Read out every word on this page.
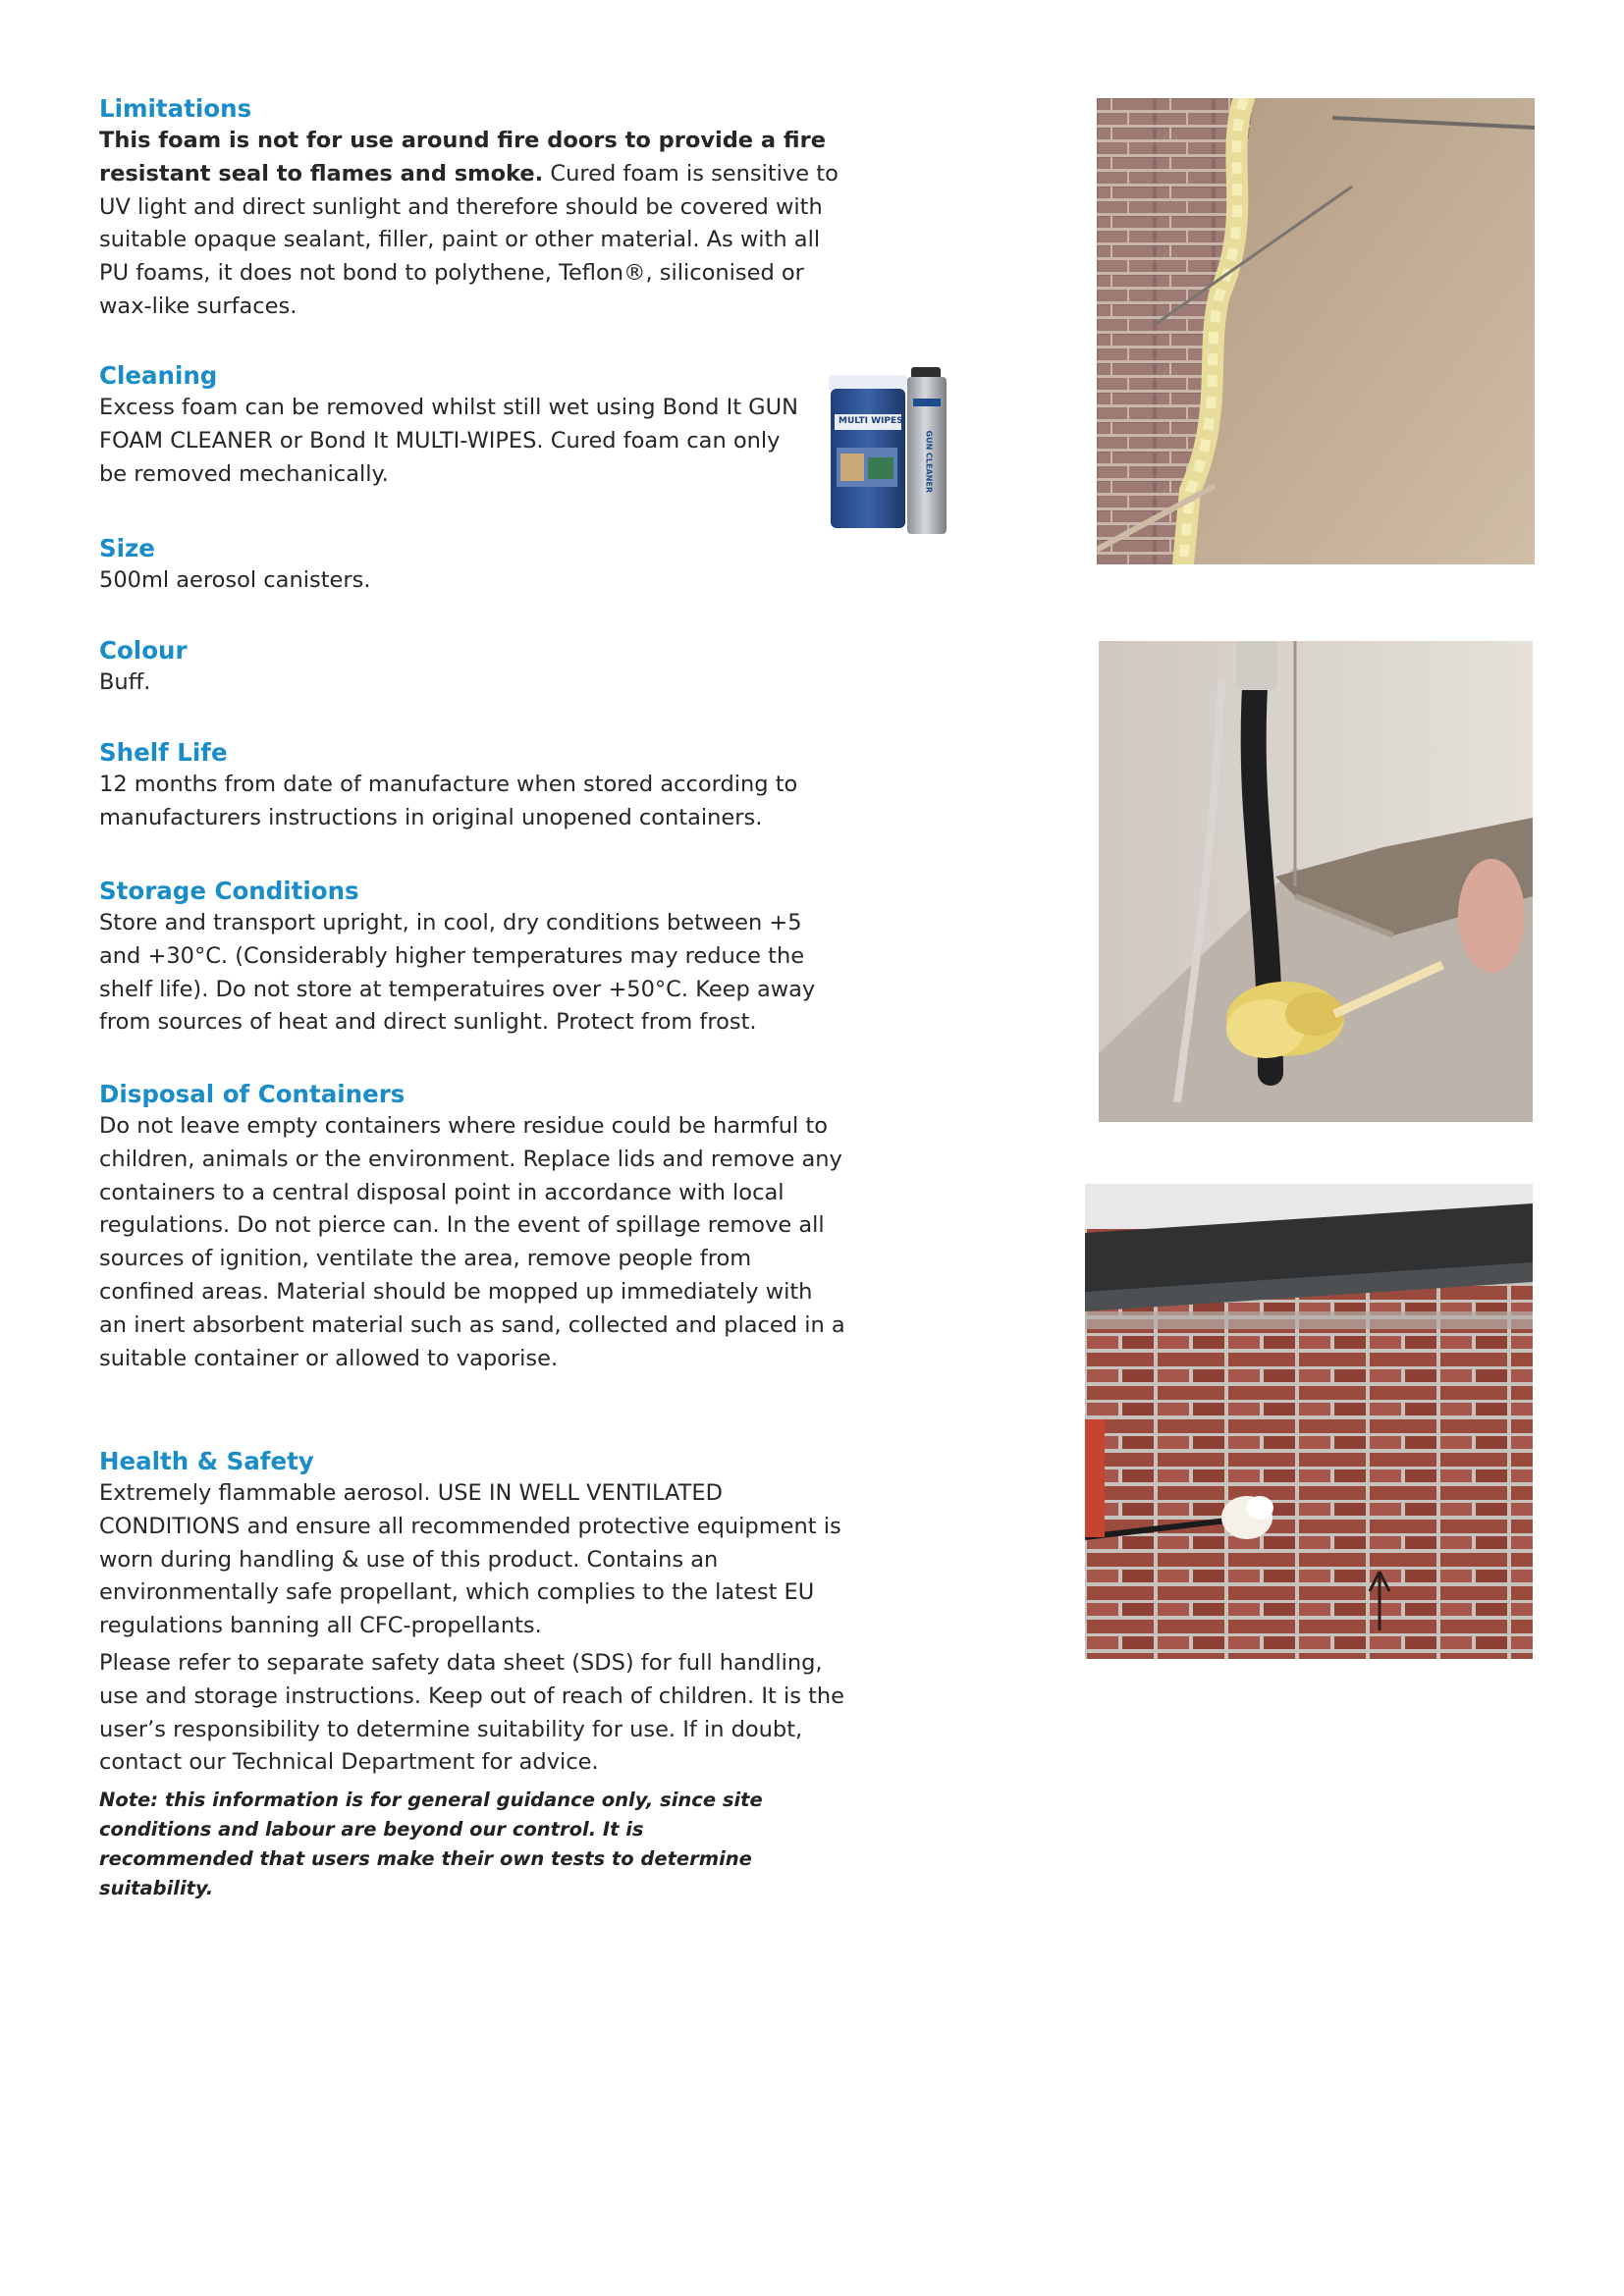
Limitations

This foam is not for use around fire doors to provide a fire resistant seal to flames and smoke. Cured foam is sensitive to UV light and direct sunlight and therefore should be covered with suitable opaque sealant, filler, paint or other material. As with all PU foams, it does not bond to polythene, Teflon®, siliconised or wax-like surfaces.

Cleaning

Excess foam can be removed whilst still wet using Bond It GUN FOAM CLEANER or Bond It MULTI-WIPES. Cured foam can only be removed mechanically.

Size

500ml aerosol canisters.

Colour

Buff.

Shelf Life

12 months from date of manufacture when stored according to manufacturers instructions in original unopened containers.

Storage Conditions

Store and transport upright, in cool, dry conditions between +5 and +30°C. (Considerably higher temperatures may reduce the shelf life). Do not store at temperatuires over +50°C. Keep away from sources of heat and direct sunlight. Protect from frost.

Disposal of Containers

Do not leave empty containers where residue could be harmful to children, animals or the environment. Replace lids and remove any containers to a central disposal point in accordance with local regulations. Do not pierce can. In the event of spillage remove all sources of ignition, ventilate the area, remove people from confined areas. Material should be mopped up immediately with an inert absorbent material such as sand, collected and placed in a suitable container or allowed to vaporise.

Health & Safety

Extremely flammable aerosol. USE IN WELL VENTILATED CONDITIONS and ensure all recommended protective equipment is worn during handling & use of this product. Contains an environmentally safe propellant, which complies to the latest EU regulations banning all CFC-propellants.

Please refer to separate safety data sheet (SDS) for full handling, use and storage instructions. Keep out of reach of children. It is the user’s responsibility to determine suitability for use. If in doubt, contact our Technical Department for advice.

Note: this information is for general guidance only, since site conditions and labour are beyond our control. It is recommended that users make their own tests to determine suitability.

MULTI WIPES
GUN CLEANER
